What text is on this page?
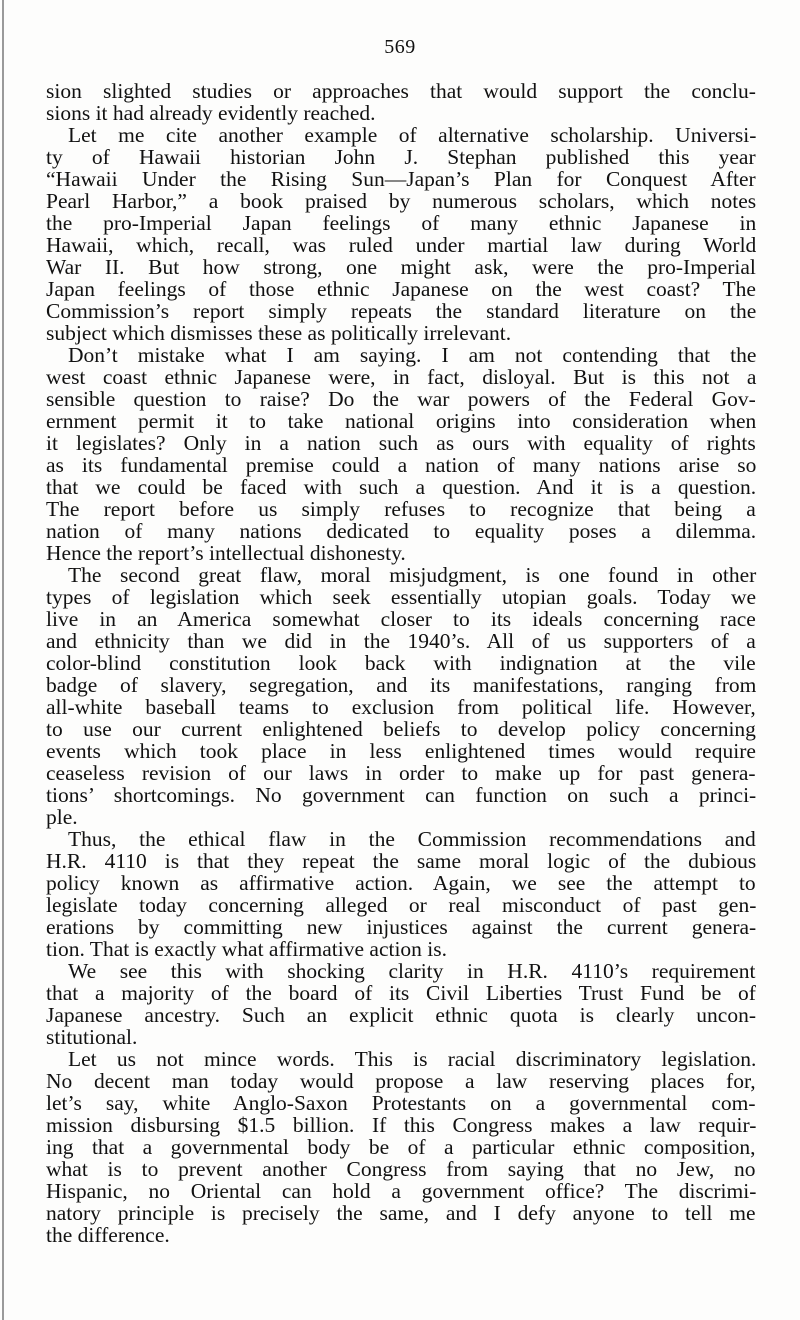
569
sion slighted studies or approaches that would support the conclu-
sions it had already evidently reached.
Let me cite another example of alternative scholarship. Universi-
ty of Hawaii historian John J. Stephan published this year
“Hawaii Under the Rising Sun—Japan’s Plan for Conquest After
Pearl Harbor,” a book praised by numerous scholars, which notes
the pro-Imperial Japan feelings of many ethnic Japanese in
Hawaii, which, recall, was ruled under martial law during World
War II. But how strong, one might ask, were the pro-Imperial
Japan feelings of those ethnic Japanese on the west coast? The
Commission’s report simply repeats the standard literature on the
subject which dismisses these as politically irrelevant.
Don’t mistake what I am saying. I am not contending that the
west coast ethnic Japanese were, in fact, disloyal. But is this not a
sensible question to raise? Do the war powers of the Federal Gov-
ernment permit it to take national origins into consideration when
it legislates? Only in a nation such as ours with equality of rights
as its fundamental premise could a nation of many nations arise so
that we could be faced with such a question. And it is a question.
The report before us simply refuses to recognize that being a
nation of many nations dedicated to equality poses a dilemma.
Hence the report’s intellectual dishonesty.
The second great flaw, moral misjudgment, is one found in other
types of legislation which seek essentially utopian goals. Today we
live in an America somewhat closer to its ideals concerning race
and ethnicity than we did in the 1940’s. All of us supporters of a
color-blind constitution look back with indignation at the vile
badge of slavery, segregation, and its manifestations, ranging from
all-white baseball teams to exclusion from political life. However,
to use our current enlightened beliefs to develop policy concerning
events which took place in less enlightened times would require
ceaseless revision of our laws in order to make up for past genera-
tions’ shortcomings. No government can function on such a princi-
ple.
Thus, the ethical flaw in the Commission recommendations and
H.R. 4110 is that they repeat the same moral logic of the dubious
policy known as affirmative action. Again, we see the attempt to
legislate today concerning alleged or real misconduct of past gen-
erations by committing new injustices against the current genera-
tion. That is exactly what affirmative action is.
We see this with shocking clarity in H.R. 4110’s requirement
that a majority of the board of its Civil Liberties Trust Fund be of
Japanese ancestry. Such an explicit ethnic quota is clearly uncon-
stitutional.
Let us not mince words. This is racial discriminatory legislation.
No decent man today would propose a law reserving places for,
let’s say, white Anglo-Saxon Protestants on a governmental com-
mission disbursing $1.5 billion. If this Congress makes a law requir-
ing that a governmental body be of a particular ethnic composition,
what is to prevent another Congress from saying that no Jew, no
Hispanic, no Oriental can hold a government office? The discrimi-
natory principle is precisely the same, and I defy anyone to tell me
the difference.
